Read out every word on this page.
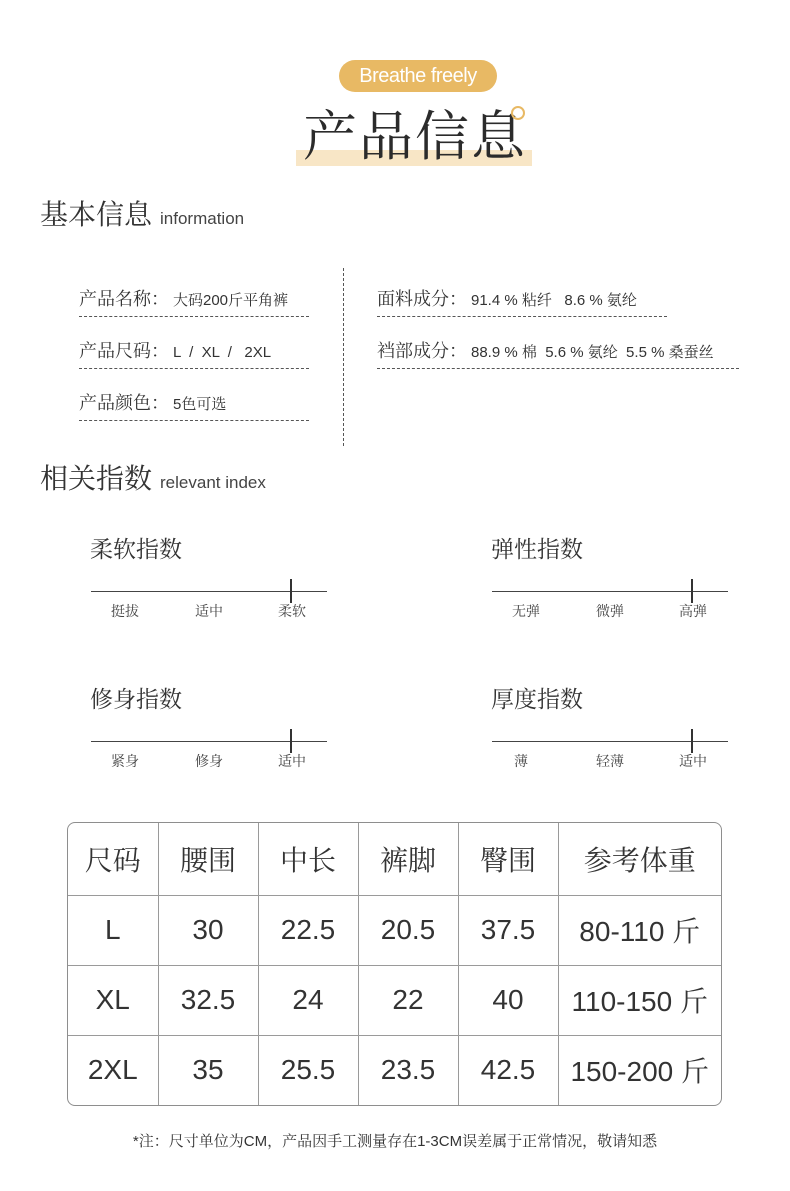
Breathe freely
产品信息
基本信息 information
产品名称： 大码200斤平角裤
产品尺码： L  /  XL  /   2XL
产品颜色： 5色可选
面料成分： 91.4 % 粘纤   8.6 % 氨纶
裆部成分： 88.9 % 棉  5.6 % 氨纶  5.5 % 桑蚕丝
相关指数 relevant index
柔软指数
挺拔	适中	柔软
弹性指数
无弹	微弹	高弹
修身指数
紧身	修身	适中
厚度指数
薄	轻薄	适中
尺码	腰围	中长	裤脚	臀围	参考体重
L	30	22.5	20.5	37.5	80-110 斤
XL	32.5	24	22	40	110-150 斤
2XL	35	25.5	23.5	42.5	150-200 斤
*注：尺寸单位为CM，产品因手工测量存在1-3CM误差属于正常情况，敬请知悉
